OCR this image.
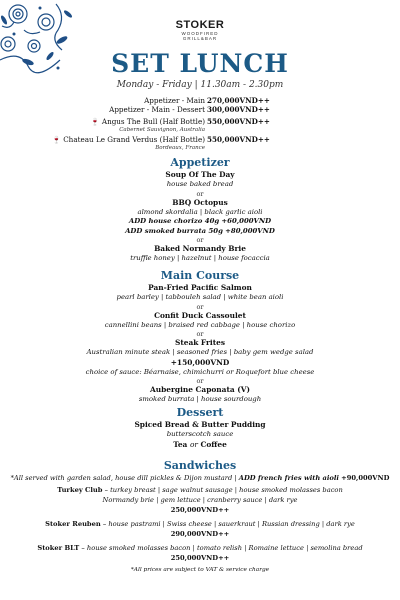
STOKER
WOODFIRED
GRILL&BAR
SET LUNCH
Monday - Friday | 11.30am - 2.30pm
Appetizer - Main 270,000VND++
Appetizer - Main - Dessert 300,000VND++
🍷 Angus The Bull (Half Bottle) 550,000VND++
Cabernet Sauvignon, Australia
🍷 Chateau Le Grand Verdus (Half Bottle) 550,000VND++
Bordeaux, France
Appetizer
Soup Of The Day
house baked bread
or
BBQ Octopus
almond skordalia | black garlic aioli
ADD house chorizo 40g +60,000VND
ADD smoked burrata 50g +80,000VND
or
Baked Normandy Brie
truffle honey | hazelnut | house focaccia
Main Course
Pan-Fried Pacific Salmon
pearl barley | tabbouleh salad | white bean aioli
or
Confit Duck Cassoulet
cannellini beans | braised red cabbage | house chorizo
or
Steak Frites
Australian minute steak | seasoned fries | baby gem wedge salad
+150,000VND
choice of sauce: Béarnaise, chimichurri or Roquefort blue cheese
or
Aubergine Caponata (V)
smoked burrata | house sourdough
Dessert
Spiced Bread & Butter Pudding
butterscotch sauce
Tea or Coffee
Sandwiches
*All served with garden salad, house dill pickles & Dijon mustard | ADD french fries with aioli +90,000VND
Turkey Club – turkey breast | sage walnut sausage | house smoked molasses bacon
Normandy brie | gem lettuce | cranberry sauce | dark rye
250,000VND++
Stoker Reuben – house pastrami | Swiss cheese | sauerkraut | Russian dressing | dark rye
290,000VND++
Stoker BLT – house smoked molasses bacon | tomato relish | Romaine lettuce | semolina bread
250,000VND++
*All prices are subject to VAT & service charge
